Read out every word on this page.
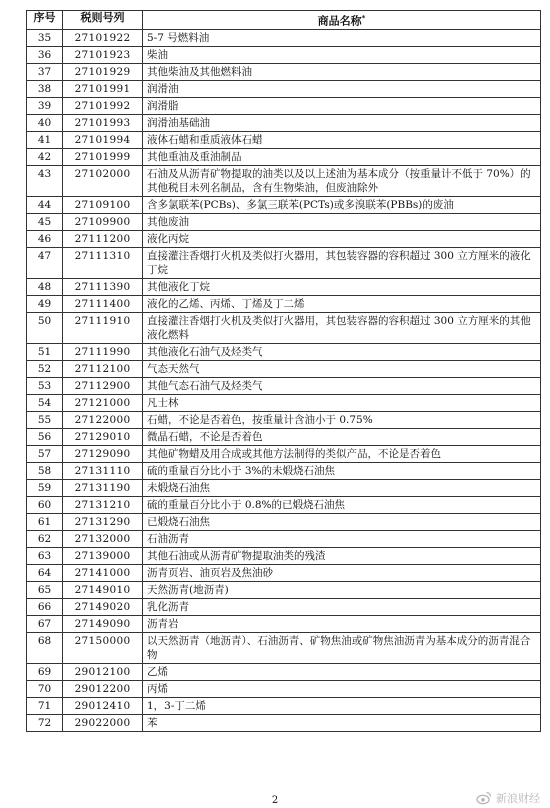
序号	税则号列	商品名称*
35	27101922	5-7 号燃料油
36	27101923	柴油
37	27101929	其他柴油及其他燃料油
38	27101991	润滑油
39	27101992	润滑脂
40	27101993	润滑油基础油
41	27101994	液体石蜡和重质液体石蜡
42	27101999	其他重油及重油制品
43	27102000	石油及从沥青矿物提取的油类以及以上述油为基本成分（按重量计不低于 70%）的其他税目未列名制品，含有生物柴油，但废油除外
44	27109100	含多氯联苯(PCBs)、多氯三联苯(PCTs)或多溴联苯(PBBs)的废油
45	27109900	其他废油
46	27111200	液化丙烷
47	27111310	直接灌注香烟打火机及类似打火器用，其包装容器的容积超过 300 立方厘米的液化丁烷
48	27111390	其他液化丁烷
49	27111400	液化的乙烯、丙烯、丁烯及丁二烯
50	27111910	直接灌注香烟打火机及类似打火器用，其包装容器的容积超过 300 立方厘米的其他液化燃料
51	27111990	其他液化石油气及烃类气
52	27112100	气态天然气
53	27112900	其他气态石油气及烃类气
54	27121000	凡士林
55	27122000	石蜡，不论是否着色，按重量计含油小于 0.75%
56	27129010	微晶石蜡，不论是否着色
57	27129090	其他矿物蜡及用合成或其他方法制得的类似产品，不论是否着色
58	27131110	硫的重量百分比小于 3%的未煅烧石油焦
59	27131190	未煅烧石油焦
60	27131210	硫的重量百分比小于 0.8%的已煅烧石油焦
61	27131290	已煅烧石油焦
62	27132000	石油沥青
63	27139000	其他石油或从沥青矿物提取油类的残渣
64	27141000	沥青页岩、油页岩及焦油砂
65	27149010	天然沥青(地沥青)
66	27149020	乳化沥青
67	27149090	沥青岩
68	27150000	以天然沥青（地沥青）、石油沥青、矿物焦油或矿物焦油沥青为基本成分的沥青混合物
69	29012100	乙烯
70	29012200	丙烯
71	29012410	1，3-丁二烯
72	29022000	苯
2	新浪财经
